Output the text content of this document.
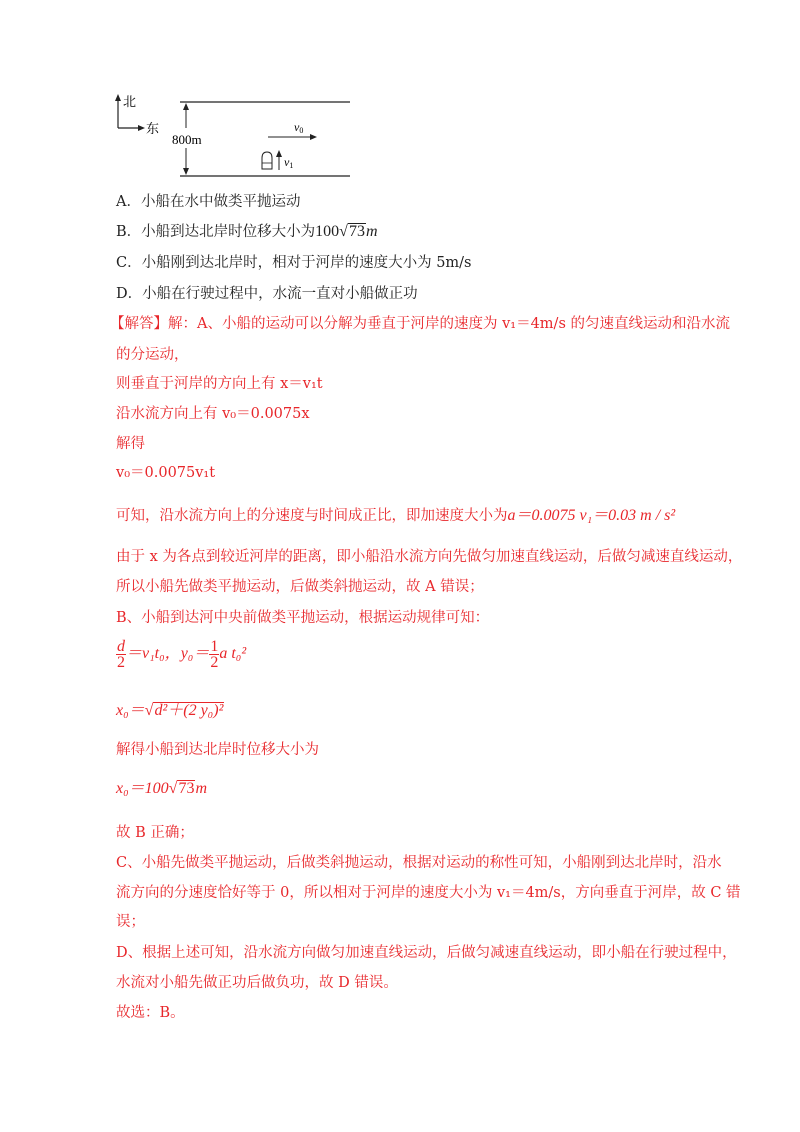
北
东
800m
v0
v1
A．小船在水中做类平抛运动
B．小船到达北岸时位移大小为100√73m
C．小船刚到达北岸时，相对于河岸的速度大小为 5m/s
D．小船在行驶过程中，水流一直对小船做正功
【解答】解：A、小船的运动可以分解为垂直于河岸的速度为 v₁＝4m/s 的匀速直线运动和沿水流
的分运动，
则垂直于河岸的方向上有 x＝v₁t
沿水流方向上有 v₀＝0.0075x
解得
v₀＝0.0075v₁t
可知，沿水流方向上的分速度与时间成正比，即加速度大小为a＝0.0075 v₁＝0.03 m / s²
由于 x 为各点到较近河岸的距离，即小船沿水流方向先做匀加速直线运动，后做匀减速直线运动，
所以小船先做类平抛运动，后做类斜抛运动，故 A 错误；
B、小船到达河中央前做类平抛运动，根据运动规律可知：
$\frac{d}{2} =v_1t_0$，$y_0= \frac{1}{2}$ a t₀²
x₀＝√d²＋(2 y₀)²
解得小船到达北岸时位移大小为
x₀＝100√73m
故 B 正确；
C、小船先做类平抛运动，后做类斜抛运动，根据对运动的称性可知，小船刚到达北岸时，沿水
流方向的分速度恰好等于 0，所以相对于河岸的速度大小为 v₁＝4m/s，方向垂直于河岸，故 C 错
误；
D、根据上述可知，沿水流方向做匀加速直线运动，后做匀减速直线运动，即小船在行驶过程中，
水流对小船先做正功后做负功，故 D 错误。
故选：B。
